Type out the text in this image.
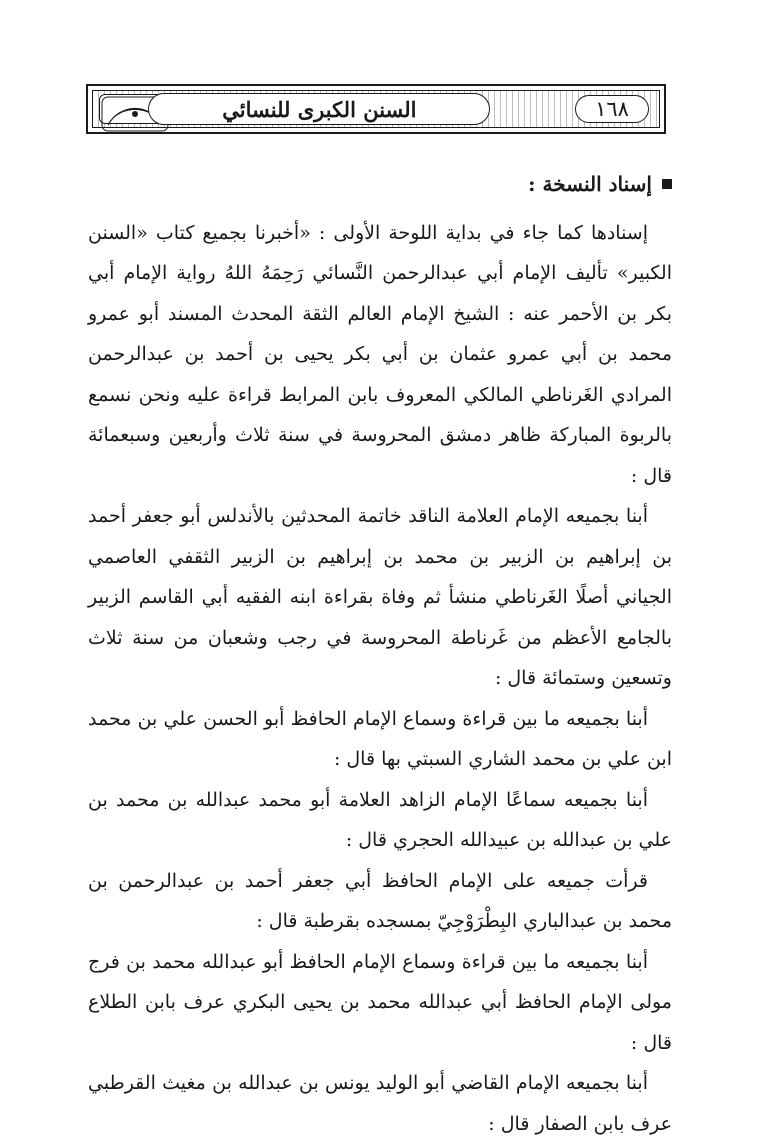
السنن الكبرى للنسائي	١٦٨
إسناد النسخة :

إسنادها كما جاء في بداية اللوحة الأولى : «أخبرنا بجميع كتاب «السنن الكبير» تأليف الإمام أبي عبدالرحمن النَّسائي رَحِمَهُ اللهُ رواية الإمام أبي بكر بن الأحمر عنه : الشيخ الإمام العالم الثقة المحدث المسند أبو عمرو محمد بن أبي عمرو عثمان بن أبي بكر يحيى بن أحمد بن عبدالرحمن المرادي الغَرناطي المالكي المعروف بابن المرابط قراءة عليه ونحن نسمع بالربوة المباركة ظاهر دمشق المحروسة في سنة ثلاث وأربعين وسبعمائة قال :

أبنا بجميعه الإمام العلامة الناقد خاتمة المحدثين بالأندلس أبو جعفر أحمد بن إبراهيم بن الزبير بن محمد بن إبراهيم بن الزبير الثقفي العاصمي الجياني أصلًا الغَرناطي منشأ ثم وفاة بقراءة ابنه الفقيه أبي القاسم الزبير بالجامع الأعظم من غَرناطة المحروسة في رجب وشعبان من سنة ثلاث وتسعين وستمائة قال :

أبنا بجميعه ما بين قراءة وسماع الإمام الحافظ أبو الحسن علي بن محمد ابن علي بن محمد الشاري السبتي بها قال :

أبنا بجميعه سماعًا الإمام الزاهد العلامة أبو محمد عبدالله بن محمد بن علي بن عبدالله بن عبيدالله الحجري قال :

قرأت جميعه على الإمام الحافظ أبي جعفر أحمد بن عبدالرحمن بن محمد بن عبدالباري البِطْرَوْجِيّ بمسجده بقرطبة قال :

أبنا بجميعه ما بين قراءة وسماع الإمام الحافظ أبو عبدالله محمد بن فرج مولى الإمام الحافظ أبي عبدالله محمد بن يحيى البكري عرف بابن الطلاع قال :

أبنا بجميعه الإمام القاضي أبو الوليد يونس بن عبدالله بن مغيث القرطبي عرف بابن الصفار قال :
